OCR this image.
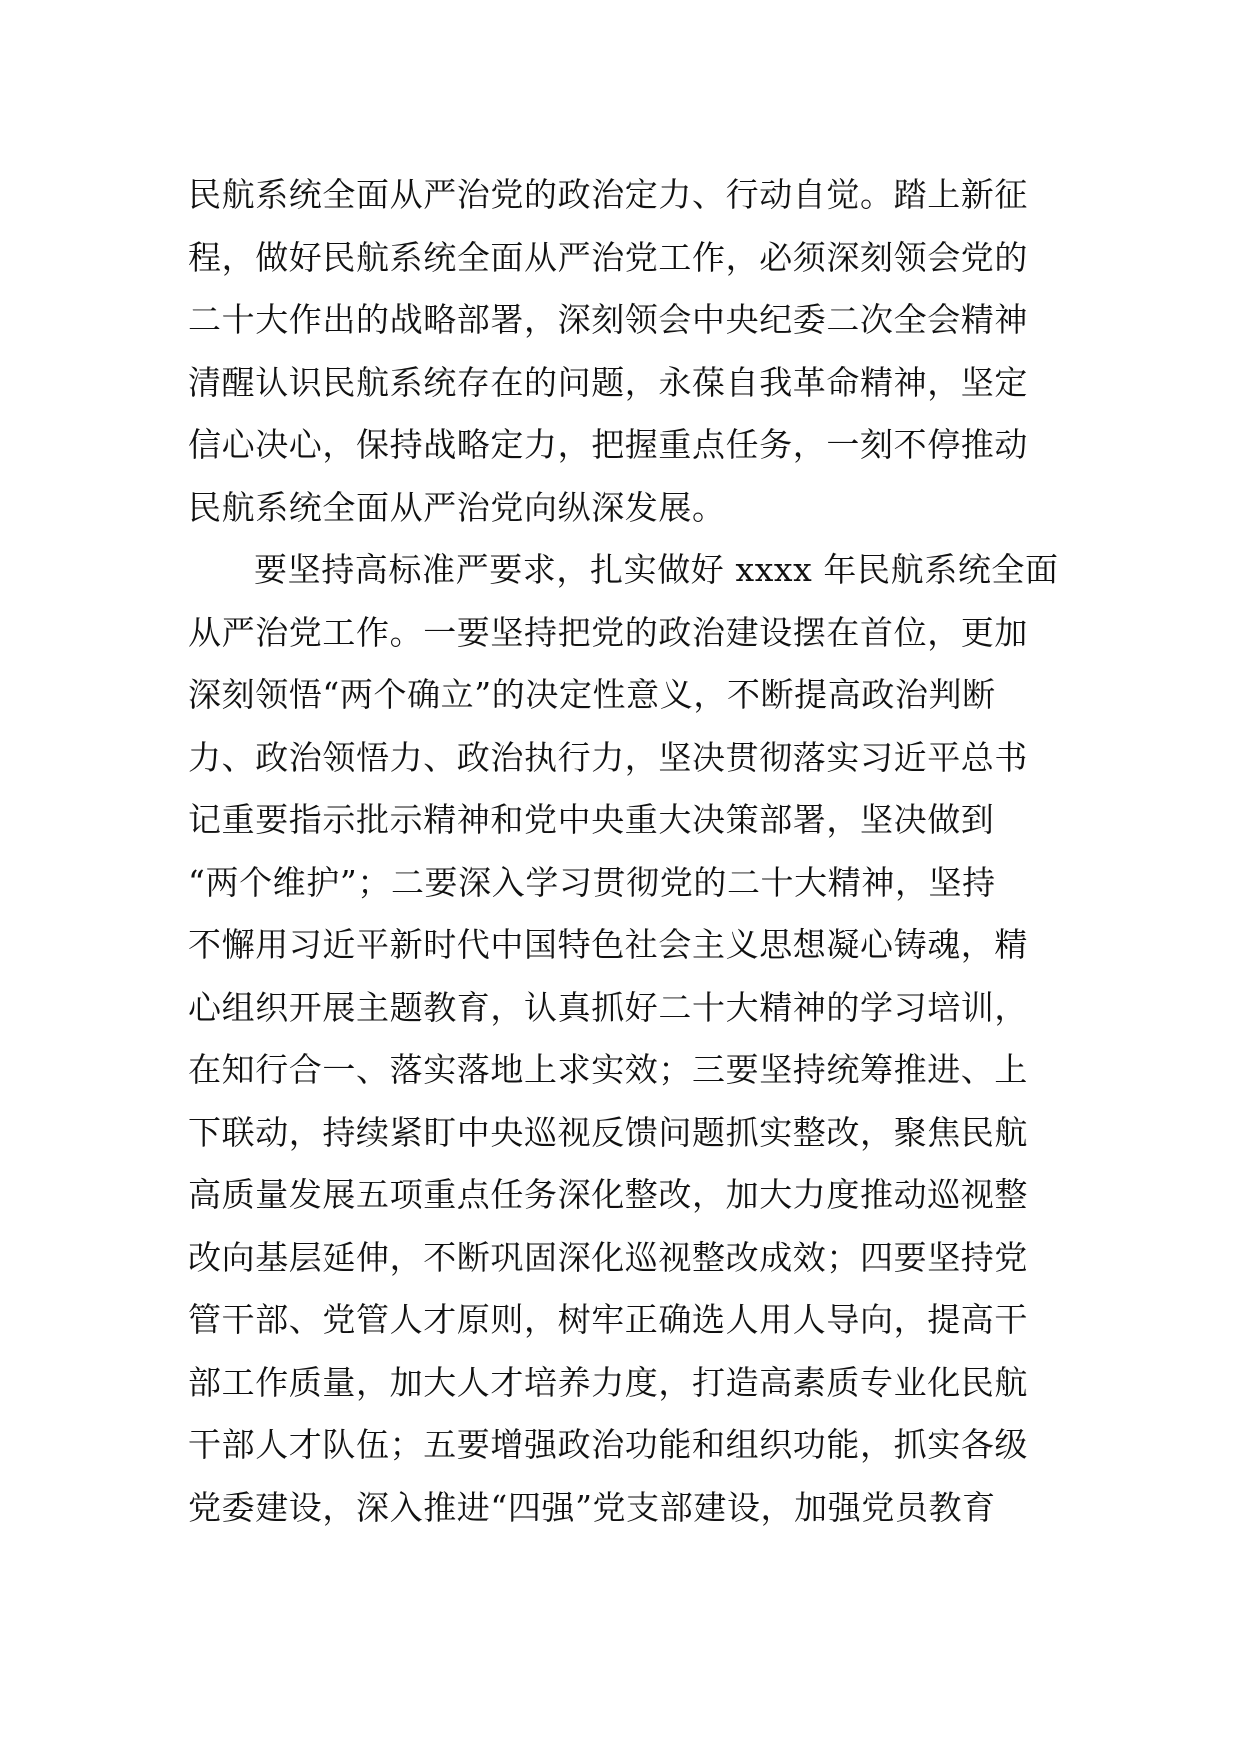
民航系统全面从严治党的政治定力、行动自觉。踏上新征
程，做好民航系统全面从严治党工作，必须深刻领会党的
二十大作出的战略部署，深刻领会中央纪委二次全会精神
清醒认识民航系统存在的问题，永葆自我革命精神，坚定
信心决心，保持战略定力，把握重点任务，一刻不停推动
民航系统全面从严治党向纵深发展。
要坚持高标准严要求，扎实做好 xxxx 年民航系统全面
从严治党工作。一要坚持把党的政治建设摆在首位，更加
深刻领悟“两个确立”的决定性意义，不断提高政治判断
力、政治领悟力、政治执行力，坚决贯彻落实习近平总书
记重要指示批示精神和党中央重大决策部署，坚决做到
“两个维护”；二要深入学习贯彻党的二十大精神，坚持
不懈用习近平新时代中国特色社会主义思想凝心铸魂，精
心组织开展主题教育，认真抓好二十大精神的学习培训，
在知行合一、落实落地上求实效；三要坚持统筹推进、上
下联动，持续紧盯中央巡视反馈问题抓实整改，聚焦民航
高质量发展五项重点任务深化整改，加大力度推动巡视整
改向基层延伸，不断巩固深化巡视整改成效；四要坚持党
管干部、党管人才原则，树牢正确选人用人导向，提高干
部工作质量，加大人才培养力度，打造高素质专业化民航
干部人才队伍；五要增强政治功能和组织功能，抓实各级
党委建设，深入推进“四强”党支部建设，加强党员教育
